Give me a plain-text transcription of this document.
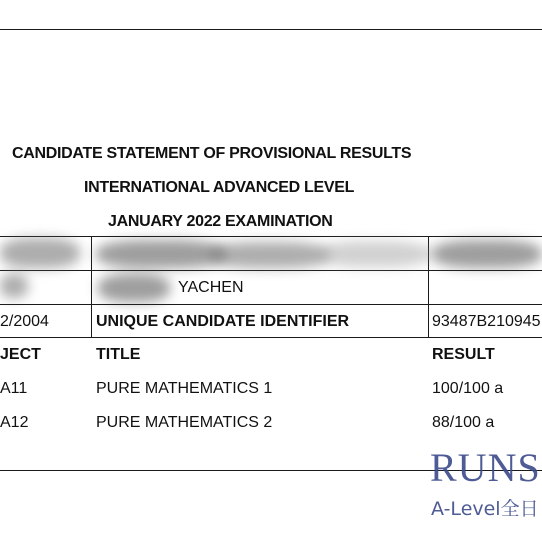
CANDIDATE STATEMENT OF PROVISIONAL RESULTS
INTERNATIONAL ADVANCED LEVEL
JANUARY 2022 EXAMINATION
YACHEN
2/2004	UNIQUE CANDIDATE IDENTIFIER	93487B210945
JECT	TITLE	RESULT
A11	PURE MATHEMATICS 1	100/100 a
A12	PURE MATHEMATICS 2	88/100 a
RUNS
A-Level全日
